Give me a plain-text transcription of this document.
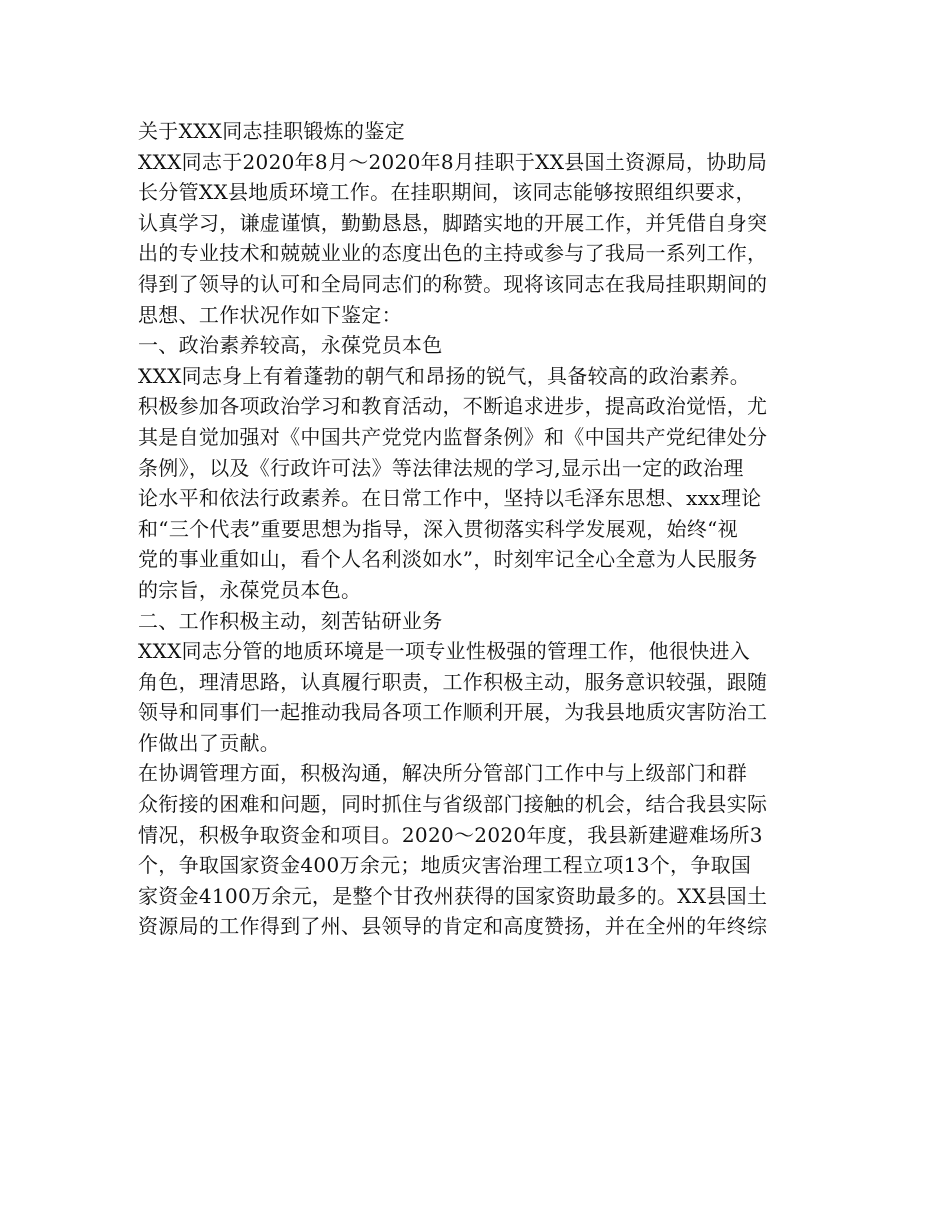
关于XXX同志挂职锻炼的鉴定
XXX同志于2020年8月～2020年8月挂职于XX县国土资源局，协助局
长分管XX县地质环境工作。在挂职期间，该同志能够按照组织要求，
认真学习，谦虚谨慎，勤勤恳恳，脚踏实地的开展工作，并凭借自身突
出的专业技术和兢兢业业的态度出色的主持或参与了我局一系列工作，
得到了领导的认可和全局同志们的称赞。现将该同志在我局挂职期间的
思想、工作状况作如下鉴定：
一、政治素养较高，永葆党员本色
XXX同志身上有着蓬勃的朝气和昂扬的锐气，具备较高的政治素养。
积极参加各项政治学习和教育活动，不断追求进步，提高政治觉悟，尤
其是自觉加强对《中国共产党党内监督条例》和《中国共产党纪律处分
条例》，以及《行政许可法》等法律法规的学习,显示出一定的政治理
论水平和依法行政素养。在日常工作中，坚持以毛泽东思想、xxx理论
和“三个代表”重要思想为指导，深入贯彻落实科学发展观，始终“视
党的事业重如山，看个人名利淡如水”，时刻牢记全心全意为人民服务
的宗旨，永葆党员本色。
二、工作积极主动，刻苦钻研业务
XXX同志分管的地质环境是一项专业性极强的管理工作，他很快进入
角色，理清思路，认真履行职责，工作积极主动，服务意识较强，跟随
领导和同事们一起推动我局各项工作顺利开展，为我县地质灾害防治工
作做出了贡献。
在协调管理方面，积极沟通，解决所分管部门工作中与上级部门和群
众衔接的困难和问题，同时抓住与省级部门接触的机会，结合我县实际
情况，积极争取资金和项目。2020～2020年度，我县新建避难场所3
个，争取国家资金400万余元；地质灾害治理工程立项13个，争取国
家资金4100万余元，是整个甘孜州获得的国家资助最多的。XX县国土
资源局的工作得到了州、县领导的肯定和高度赞扬，并在全州的年终综
